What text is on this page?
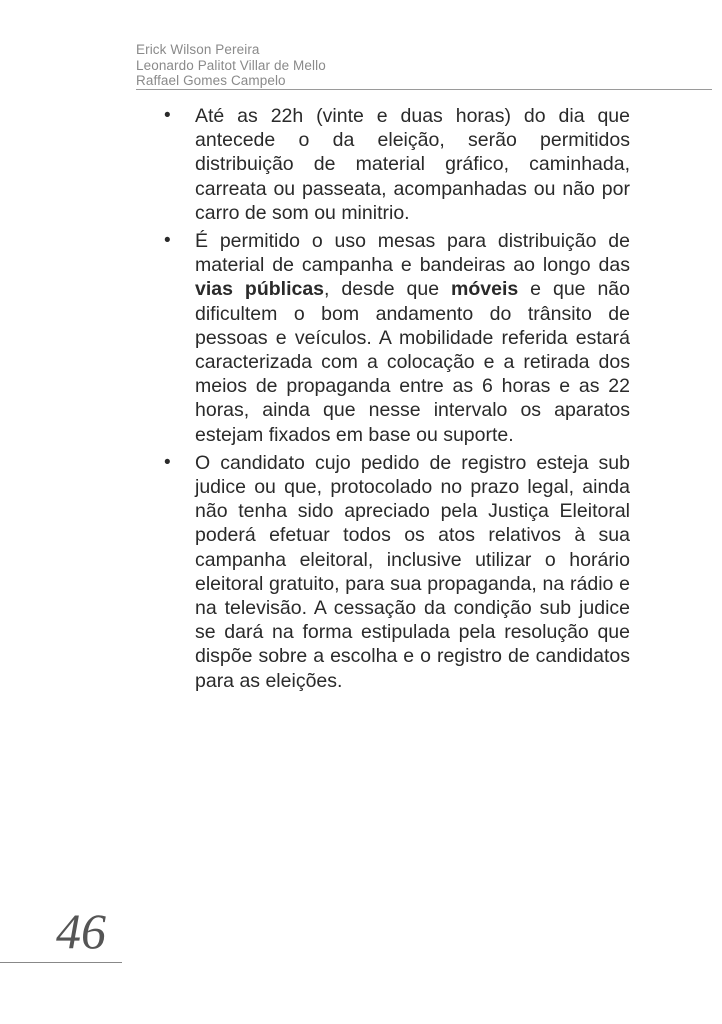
Erick Wilson Pereira
Leonardo Palitot Villar de Mello
Raffael Gomes Campelo
• Até as 22h (vinte e duas horas) do dia que antecede o da eleição, serão permitidos distribuição de material gráfico, caminhada, carreata ou passeata, acompanhadas ou não por carro de som ou minitrio.
• É permitido o uso mesas para distribuição de material de campanha e bandeiras ao longo das vias públicas, desde que móveis e que não dificultem o bom andamento do trânsito de pessoas e veículos. A mobilidade referida estará caracterizada com a colocação e a retirada dos meios de propaganda entre as 6 horas e as 22 horas, ainda que nesse intervalo os aparatos estejam fixados em base ou suporte.
• O candidato cujo pedido de registro esteja sub judice ou que, protocolado no prazo legal, ainda não tenha sido apreciado pela Justiça Eleitoral poderá efetuar todos os atos relativos à sua campanha eleitoral, inclusive utilizar o horário eleitoral gratuito, para sua propaganda, na rádio e na televisão. A cessação da condição sub judice se dará na forma estipulada pela resolução que dispõe sobre a escolha e o registro de candidatos para as eleições.
46
